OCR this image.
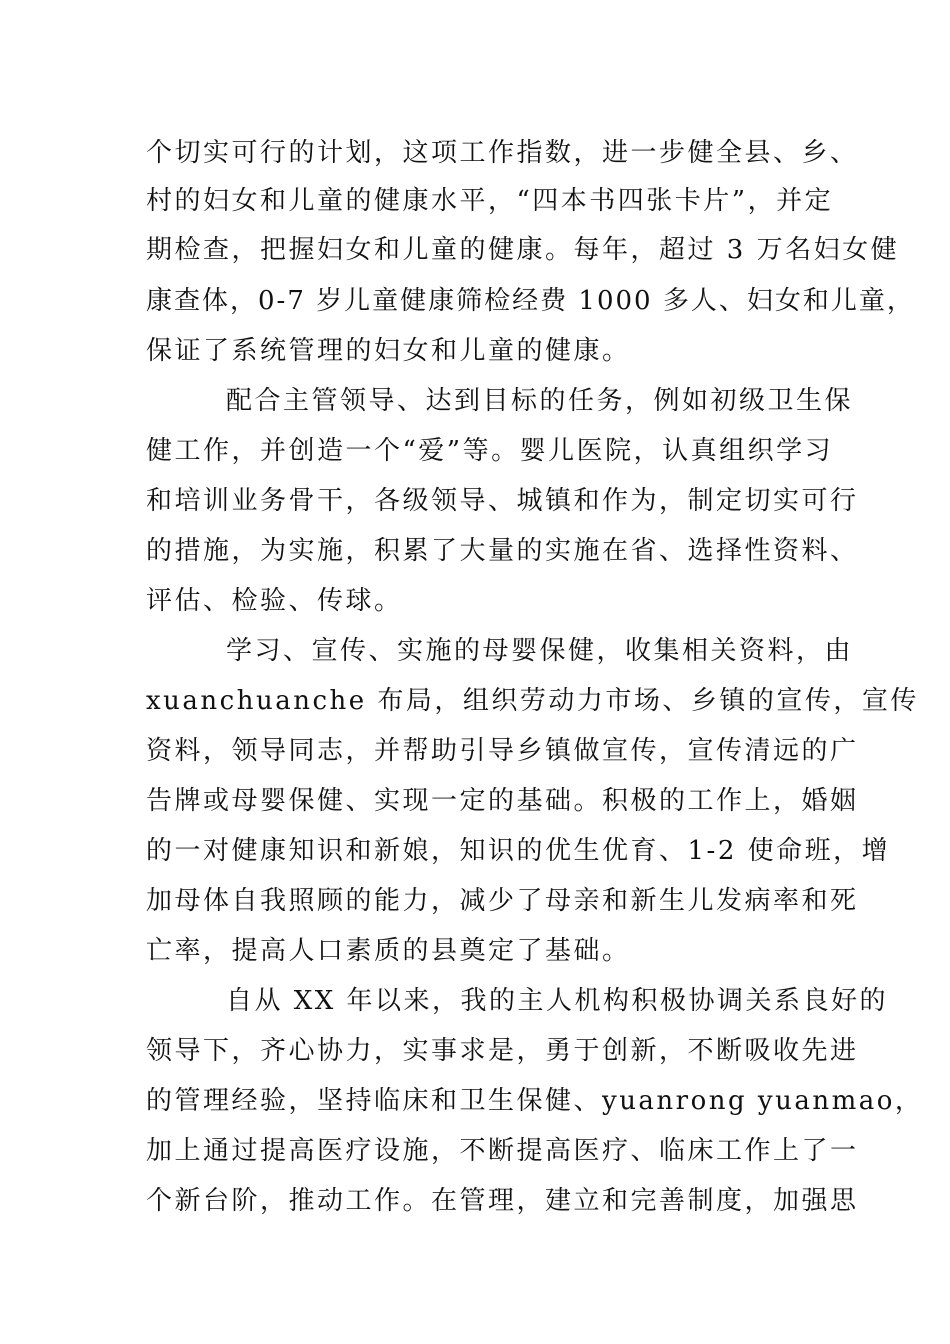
个切实可行的计划，这项工作指数，进一步健全县、乡、
村的妇女和儿童的健康水平，“四本书四张卡片”，并定
期检查，把握妇女和儿童的健康。每年，超过 3 万名妇女健
康查体，0-7 岁儿童健康筛检经费 1000 多人、妇女和儿童，
保证了系统管理的妇女和儿童的健康。
配合主管领导、达到目标的任务，例如初级卫生保
健工作，并创造一个“爱”等。婴儿医院，认真组织学习
和培训业务骨干，各级领导、城镇和作为，制定切实可行
的措施，为实施，积累了大量的实施在省、选择性资料、
评估、检验、传球。
学习、宣传、实施的母婴保健，收集相关资料，由
xuanchuanche 布局，组织劳动力市场、乡镇的宣传，宣传
资料，领导同志，并帮助引导乡镇做宣传，宣传清远的广
告牌或母婴保健、实现一定的基础。积极的工作上，婚姻
的一对健康知识和新娘，知识的优生优育、1-2 使命班，增
加母体自我照顾的能力，减少了母亲和新生儿发病率和死
亡率，提高人口素质的县奠定了基础。
自从 XX 年以来，我的主人机构积极协调关系良好的
领导下，齐心协力，实事求是，勇于创新，不断吸收先进
的管理经验，坚持临床和卫生保健、yuanrong yuanmao，
加上通过提高医疗设施，不断提高医疗、临床工作上了一
个新台阶，推动工作。在管理，建立和完善制度，加强思
